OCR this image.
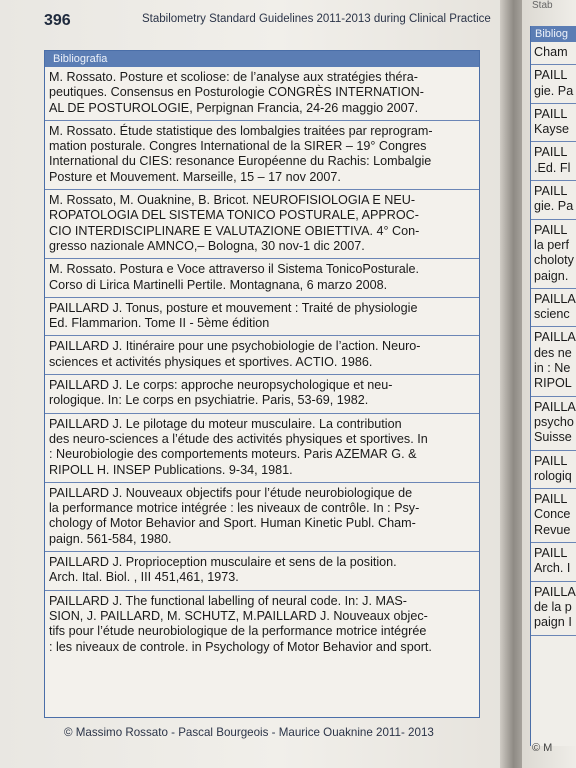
396	Stabilometry Standard Guidelines 2011-2013 during Clinical Practice
Bibliografia
M. Rossato. Posture et scoliose: de l’analyse aux stratégies théra-
peutiques. Consensus en Posturologie CONGRÈS INTERNATION-
AL DE POSTUROLOGIE, Perpignan Francia, 24-26 maggio 2007.
M. Rossato. Étude statistique des lombalgies traitées par reprogram-
mation posturale. Congres International de la SIRER – 19° Congres
International du CIES: resonance Européenne du Rachis: Lombalgie
Posture et Mouvement. Marseille, 15 – 17 nov 2007.
M. Rossato, M. Ouaknine, B. Bricot. NEUROFISIOLOGIA E NEU-
ROPATOLOGIA DEL SISTEMA TONICO POSTURALE, APPROC-
CIO INTERDISCIPLINARE E VALUTAZIONE OBIETTIVA. 4° Con-
gresso nazionale AMNCO,– Bologna, 30 nov-1 dic 2007.
M. Rossato. Postura e Voce attraverso il Sistema TonicoPosturale.
Corso di Lirica Martinelli Pertile. Montagnana, 6 marzo 2008.
PAILLARD J. Tonus, posture et mouvement : Traité de physiologie
Ed. Flammarion. Tome II - 5ème édition
PAILLARD J. Itinéraire pour une psychobiologie de l’action. Neuro-
sciences et activités physiques et sportives. ACTIO. 1986.
PAILLARD J. Le corps: approche neuropsychologique et neu-
rologique. In: Le corps en psychiatrie. Paris, 53-69, 1982.
PAILLARD J. Le pilotage du moteur musculaire. La contribution
des neuro-sciences a l’étude des activités physiques et sportives. In
: Neurobiologie des comportements moteurs. Paris AZEMAR G. &
RIPOLL H. INSEP Publications. 9-34, 1981.
PAILLARD J. Nouveaux objectifs pour l’étude neurobiologique de
la performance motrice intégrée : les niveaux de contrôle. In : Psy-
chology of Motor Behavior and Sport. Human Kinetic Publ. Cham-
paign. 561-584, 1980.
PAILLARD J. Proprioception musculaire et sens de la position.
Arch. Ital. Biol. , III 451,461, 1973.
PAILLARD J. The functional labelling of neural code. In: J. MAS-
SION, J. PAILLARD, M. SCHUTZ, M.PAILLARD J. Nouveaux objec-
tifs pour l’étude neurobiologique de la performance motrice intégrée
: les niveaux de controle. in Psychology of Motor Behavior and sport.
© Massimo Rossato - Pascal Bourgeois - Maurice Ouaknine 2011- 2013
Stab
Bibliog
Cham
PAILL
gie. Pa
PAILL
Kayse
PAILL
.Ed. Fl
PAILL
gie. Pa
PAILL
la perf
choloty
paign.
PAILLA
scienc
PAILLA
des ne
in : Ne
RIPOL
PAILLA
psycho
Suisse
PAILL
rologiq
PAILL
Conce
Revue
PAILL
Arch. I
PAILLA
de la p
paign I
© M
